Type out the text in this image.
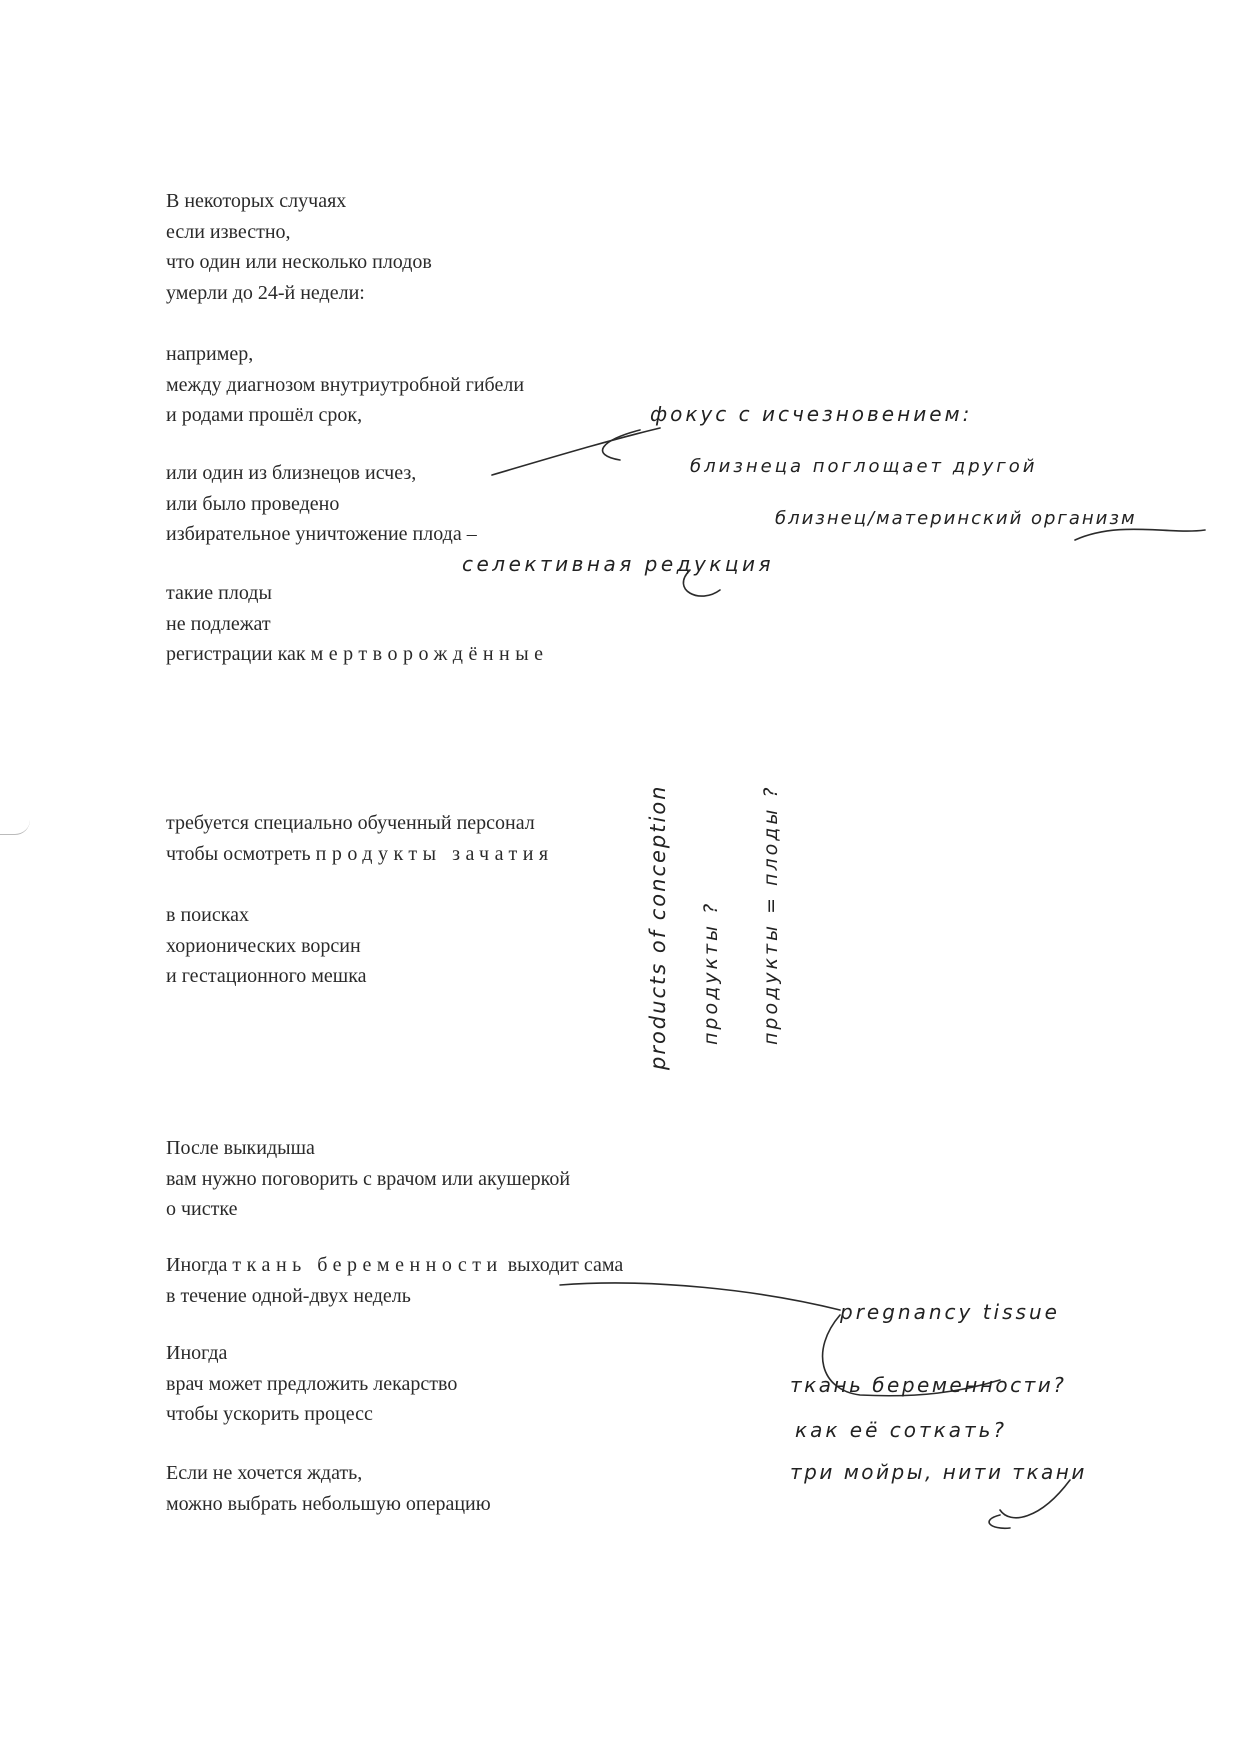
В некоторых случаях
если известно,
что один или несколько плодов
умерли до 24-й недели:
например,
между диагнозом внутриутробной гибели
и родами прошёл срок,
или один из близнецов исчез,
или было проведено
избирательное уничтожение плода –
такие плоды
не подлежат
регистрации как мертворождённые
требуется специально обученный персонал
чтобы осмотреть продукты зачатия
в поисках
хорионических ворсин
и гестационного мешка
После выкидыша
вам нужно поговорить с врачом или акушеркой
о чистке
Иногда ткань беременности выходит сама
в течение одной-двух недель
Иногда
врач может предложить лекарство
чтобы ускорить процесс
Если не хочется ждать,
можно выбрать небольшую операцию
фокус с исчезновением:
близнеца поглощает другой
близнец/материнский организм
селективная редукция
products of conception продукты ? продукты = плоды ?
pregnancy tissue
ткань беременности?
как её соткать?
три мойры, нити ткани
